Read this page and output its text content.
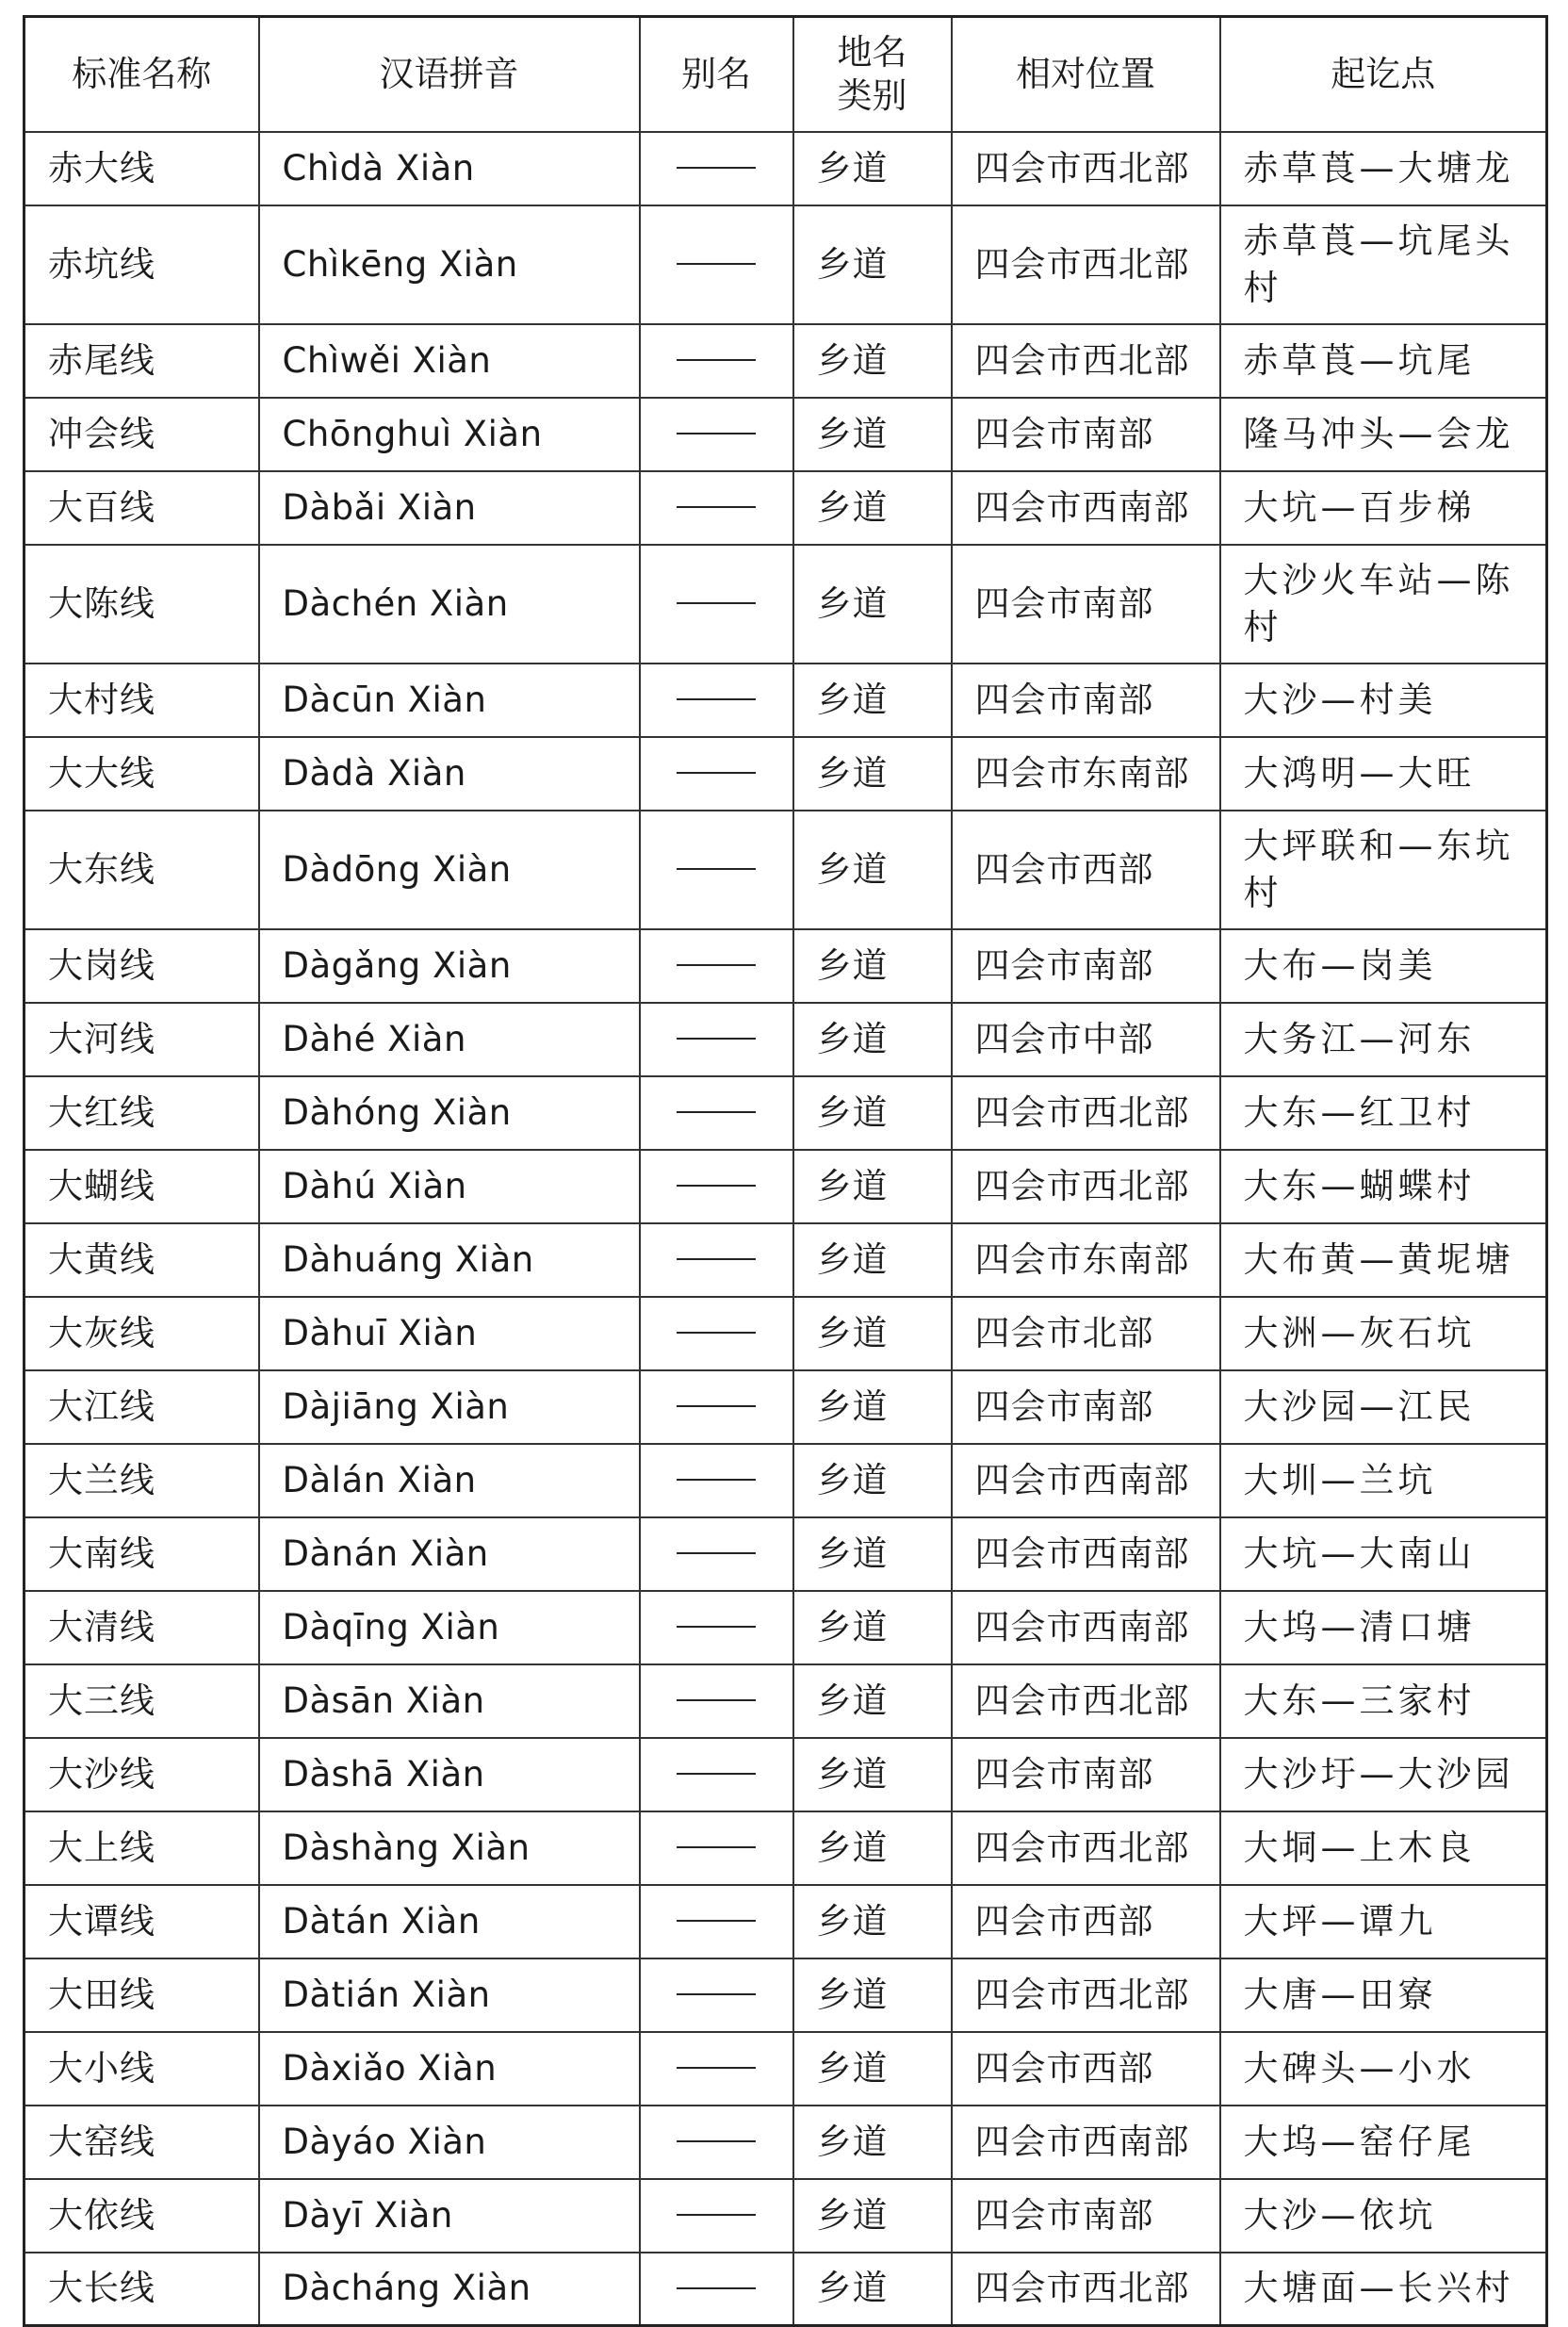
标准名称	汉语拼音	别名	地名类别	相对位置	起讫点
赤大线	Chìdà Xiàn		乡道	四会市西北部	赤草莨—大塘龙
赤坑线	Chìkēng Xiàn		乡道	四会市西北部	赤草莨—坑尾头村
赤尾线	Chìwěi Xiàn		乡道	四会市西北部	赤草莨—坑尾
冲会线	Chōnghuì Xiàn		乡道	四会市南部	隆马冲头—会龙
大百线	Dàbǎi Xiàn		乡道	四会市西南部	大坑—百步梯
大陈线	Dàchén Xiàn		乡道	四会市南部	大沙火车站—陈村
大村线	Dàcūn Xiàn		乡道	四会市南部	大沙—村美
大大线	Dàdà Xiàn		乡道	四会市东南部	大鸿明—大旺
大东线	Dàdōng Xiàn		乡道	四会市西部	大坪联和—东坑村
大岗线	Dàgǎng Xiàn		乡道	四会市南部	大布—岗美
大河线	Dàhé Xiàn		乡道	四会市中部	大务江—河东
大红线	Dàhóng Xiàn		乡道	四会市西北部	大东—红卫村
大蝴线	Dàhú Xiàn		乡道	四会市西北部	大东—蝴蝶村
大黄线	Dàhuáng Xiàn		乡道	四会市东南部	大布黄—黄坭塘
大灰线	Dàhuī Xiàn		乡道	四会市北部	大洲—灰石坑
大江线	Dàjiāng Xiàn		乡道	四会市南部	大沙园—江民
大兰线	Dàlán Xiàn		乡道	四会市西南部	大圳—兰坑
大南线	Dànán Xiàn		乡道	四会市西南部	大坑—大南山
大清线	Dàqīng Xiàn		乡道	四会市西南部	大坞—清口塘
大三线	Dàsān Xiàn		乡道	四会市西北部	大东—三家村
大沙线	Dàshā Xiàn		乡道	四会市南部	大沙圩—大沙园
大上线	Dàshàng Xiàn		乡道	四会市西北部	大垌—上木良
大谭线	Dàtán Xiàn		乡道	四会市西部	大坪—谭九
大田线	Dàtián Xiàn		乡道	四会市西北部	大唐—田寮
大小线	Dàxiǎo Xiàn		乡道	四会市西部	大碑头—小水
大窑线	Dàyáo Xiàn		乡道	四会市西南部	大坞—窑仔尾
大依线	Dàyī Xiàn		乡道	四会市南部	大沙—依坑
大长线	Dàcháng Xiàn		乡道	四会市西北部	大塘面—长兴村
